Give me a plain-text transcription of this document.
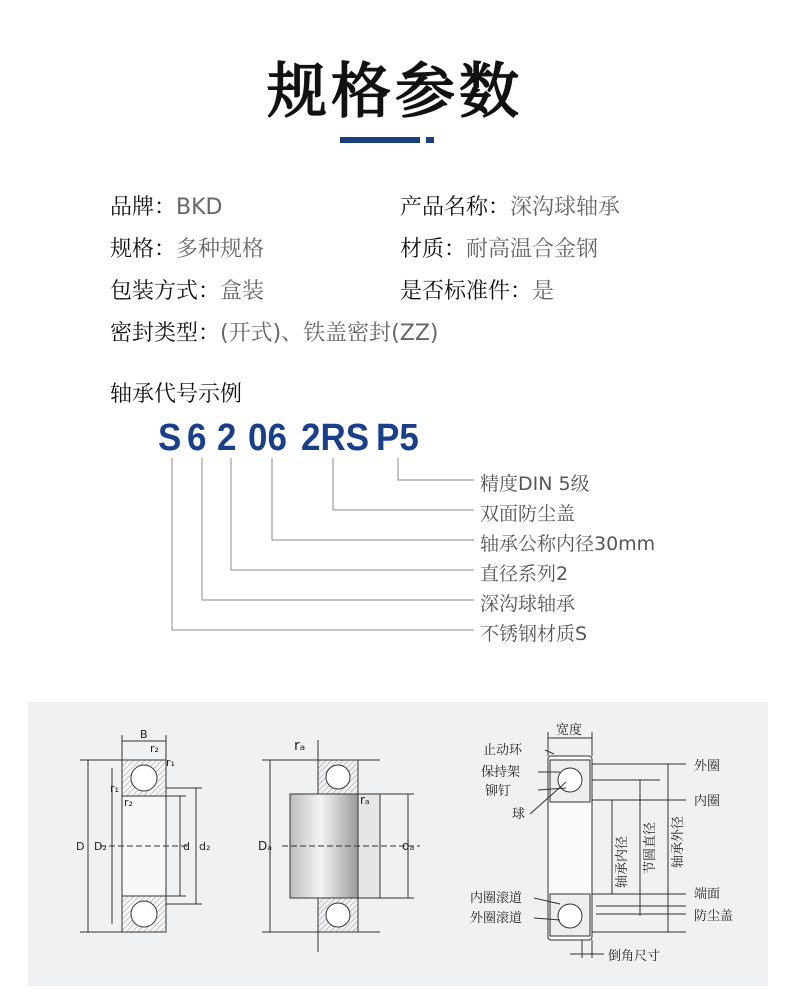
规格参数
品牌：BKD	产品名称：深沟球轴承
规格：多种规格	材质：耐高温合金钢
包装方式：盒装	是否标准件：是
密封类型：(开式)、铁盖密封(ZZ)
轴承代号示例
S 6 2 06 2RS P5
精度DIN 5级
双面防尘盖
轴承公称内径30mm
直径系列2
深沟球轴承
不锈钢材质S
B
r₂
r₁
r₁
r₂
D D₂	d d₂
rₐ
rₐ
Dₐ	dₐ
宽度
止动环
保持架
铆钉
球
外圈
内圈
内圈滚道
外圈滚道
端面
防尘盖
倒角尺寸
轴承内径 节圆直径 轴承外径
